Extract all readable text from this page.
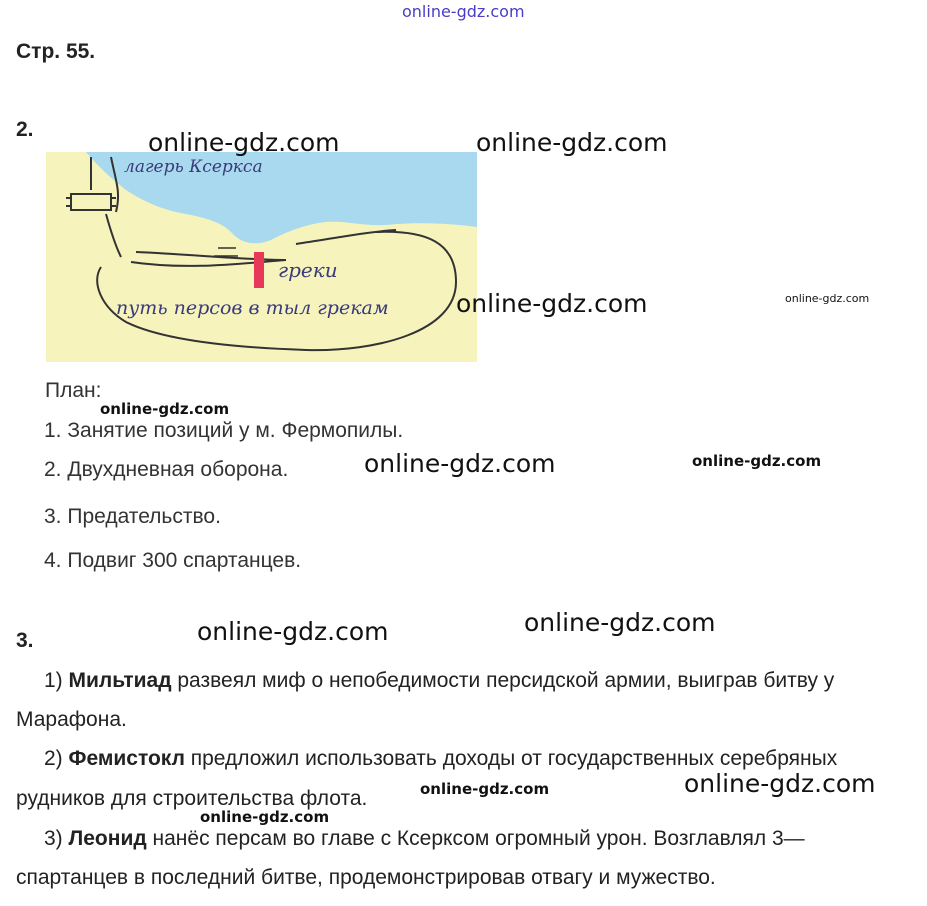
online-gdz.com
Стр. 55.
2.
греки
лагерь Ксеркса
путь персов в тыл грекам
online-gdz.com	online-gdz.com
online-gdz.com	online-gdz.com
План:
online-gdz.com
1. Занятие позиций у м. Фермопилы.
2. Двухдневная оборона.	online-gdz.com	online-gdz.com
3. Предательство.
4. Подвиг 300 спартанцев.
3.	online-gdz.com	online-gdz.com
1) Мильтиад развеял миф о непобедимости персидской армии, выиграв битву у
Марафона.
2) Фемистокл предложил использовать доходы от государственных серебряных
рудников для строительства флота.	online-gdz.com	online-gdz.com
online-gdz.com
3) Леонид нанёс персам во главе с Ксерксом огромный урон. Возглавлял 3—
спартанцев в последний битве, продемонстрировав отвагу и мужество.
